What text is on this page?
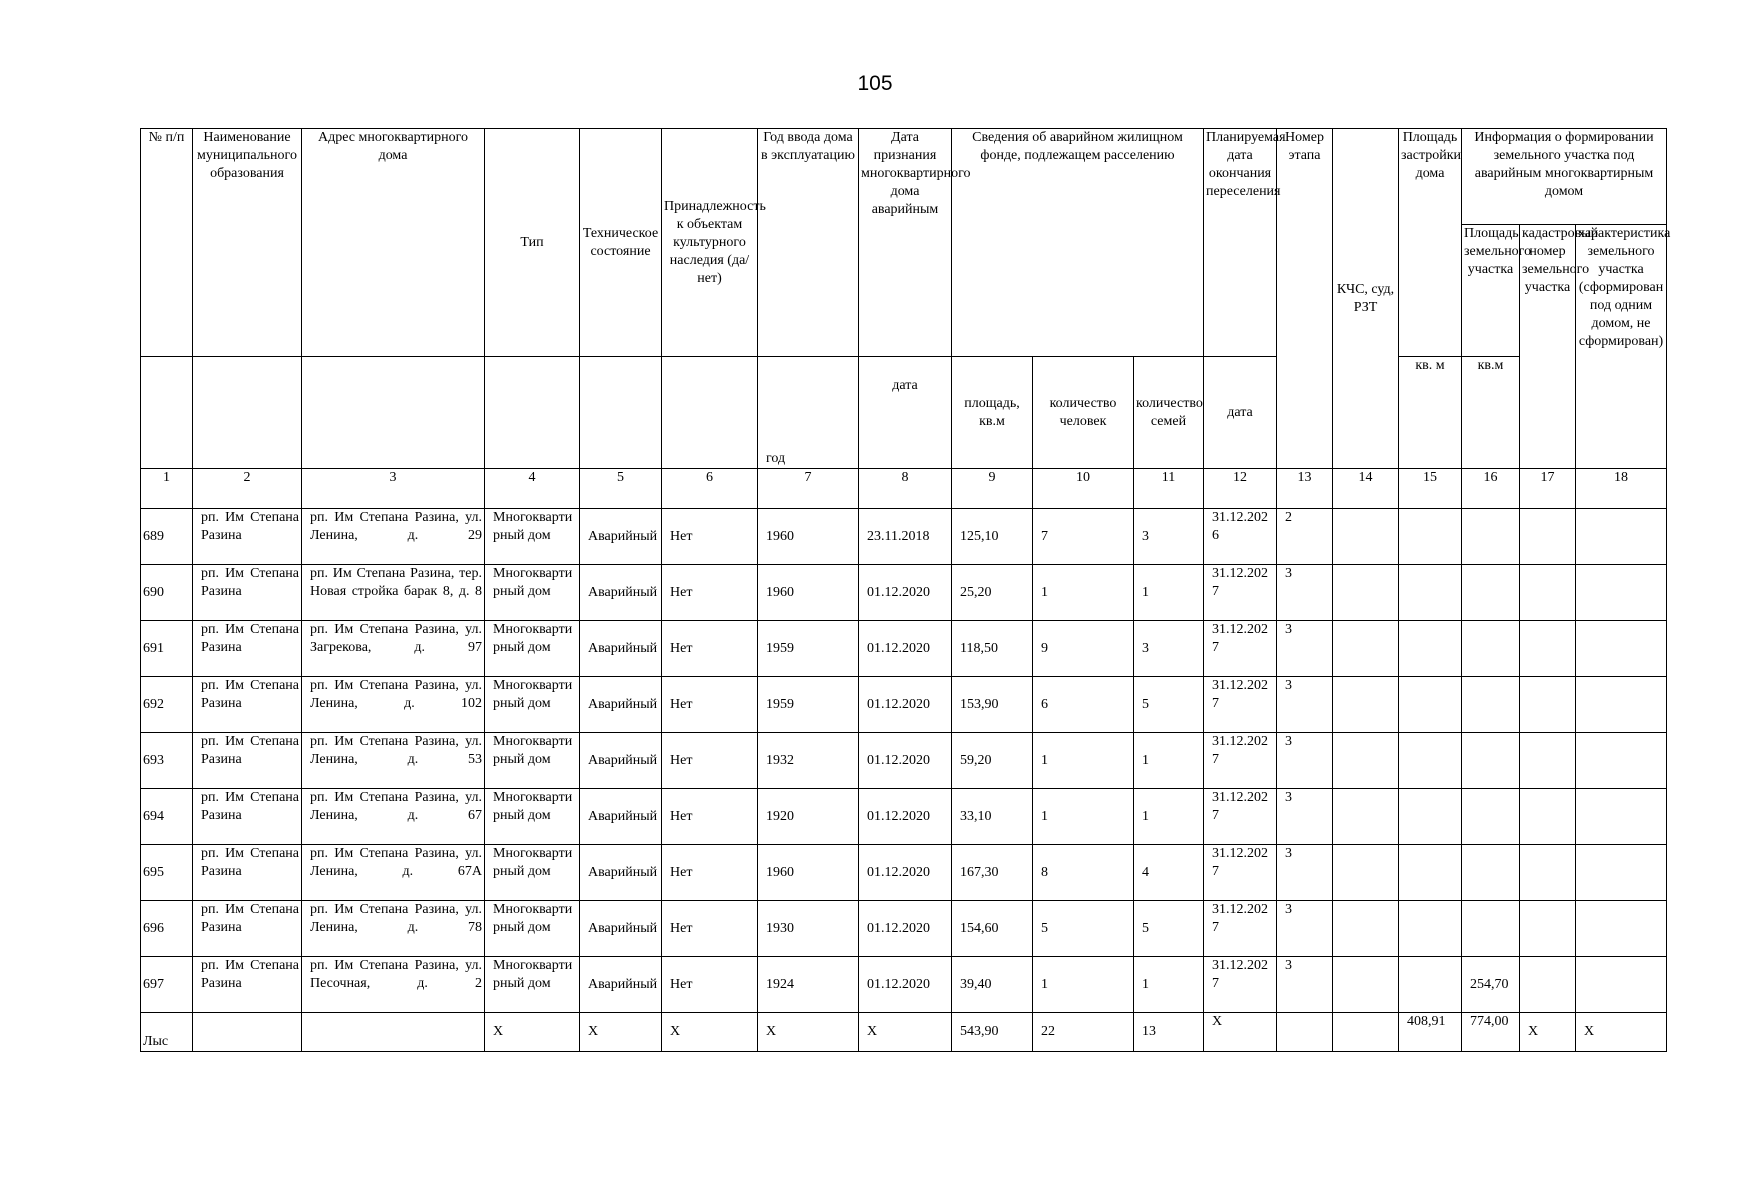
105
№ п/п	Наименование муниципального образования	Адрес многоквартирного дома	Тип	Техническое состояние	Принадлежность к объектам культурного наследия (да/нет)	Год ввода дома в эксплуатацию	Дата признания многоквартирного дома аварийным	Сведения об аварийном жилищном фонде, подлежащем расселению			Планируемая дата окончания переселения	Номер этапа	КЧС, суд, РЗТ	Площадь застройки дома	Информация о формировании земельного участка под аварийным многоквартирным домом		
															Площадь земельного участка	кадастровый номер земельного участка	характеристика земельного участка (сформирован под одним домом, не сформирован)
						год	дата	площадь, кв.м	количество человек	количество семей	дата			кв. м	кв.м		
1	2	3	4	5	6	7	8	9	10	11	12	13	14	15	16	17	18
689	рп. Им Степана Разина	рп. Им Степана Разина, ул. Ленина, д. 29	Многоквартирный дом	Аварийный	Нет	1960	23.11.2018	125,10	7	3	31.12.2026	2					
690	рп. Им Степана Разина	рп. Им Степана Разина, тер. Новая стройка барак 8, д. 8	Многоквартирный дом	Аварийный	Нет	1960	01.12.2020	25,20	1	1	31.12.2027	3					
691	рп. Им Степана Разина	рп. Им Степана Разина, ул. Загрекова, д. 97	Многоквартирный дом	Аварийный	Нет	1959	01.12.2020	118,50	9	3	31.12.2027	3					
692	рп. Им Степана Разина	рп. Им Степана Разина, ул. Ленина, д. 102	Многоквартирный дом	Аварийный	Нет	1959	01.12.2020	153,90	6	5	31.12.2027	3					
693	рп. Им Степана Разина	рп. Им Степана Разина, ул. Ленина, д. 53	Многоквартирный дом	Аварийный	Нет	1932	01.12.2020	59,20	1	1	31.12.2027	3					
694	рп. Им Степана Разина	рп. Им Степана Разина, ул. Ленина, д. 67	Многоквартирный дом	Аварийный	Нет	1920	01.12.2020	33,10	1	1	31.12.2027	3					
695	рп. Им Степана Разина	рп. Им Степана Разина, ул. Ленина, д. 67А	Многоквартирный дом	Аварийный	Нет	1960	01.12.2020	167,30	8	4	31.12.2027	3					
696	рп. Им Степана Разина	рп. Им Степана Разина, ул. Ленина, д. 78	Многоквартирный дом	Аварийный	Нет	1930	01.12.2020	154,60	5	5	31.12.2027	3					
697	рп. Им Степана Разина	рп. Им Степана Разина, ул. Песочная, д. 2	Многоквартирный дом	Аварийный	Нет	1924	01.12.2020	39,40	1	1	31.12.2027	3			254,70		
Лыс			X	X	X	X	X	543,90	22	13	X			408,91	774,00	X	X
